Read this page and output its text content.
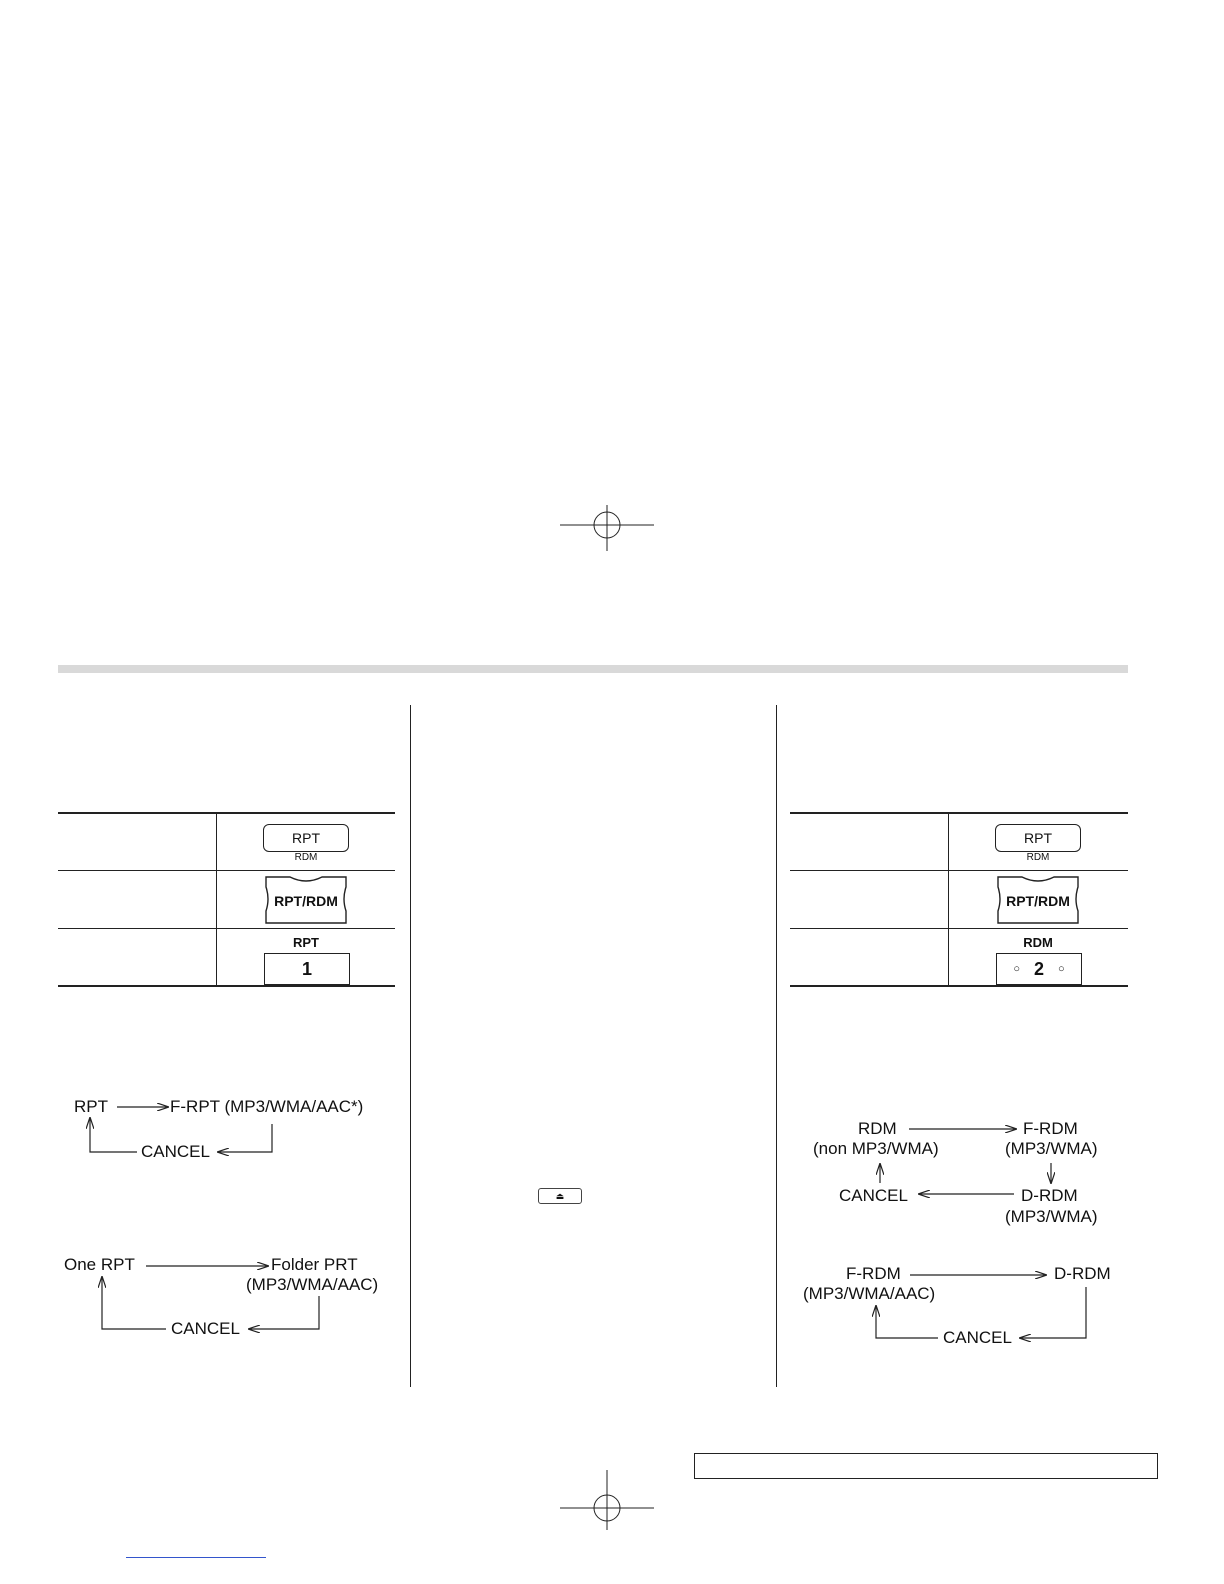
RPT
RDM
RPT/RDM
RPT
1
RPT
RDM
RPT/RDM
RDM
○ 2 ○
RPT	F-RPT (MP3/WMA/AAC*)
CANCEL
One RPT	Folder PRT
(MP3/WMA/AAC)
CANCEL
RDM
(non MP3/WMA)
F-RDM
(MP3/WMA)
D-RDM
(MP3/WMA)
CANCEL
F-RDM
(MP3/WMA/AAC)
D-RDM
CANCEL
⏏
